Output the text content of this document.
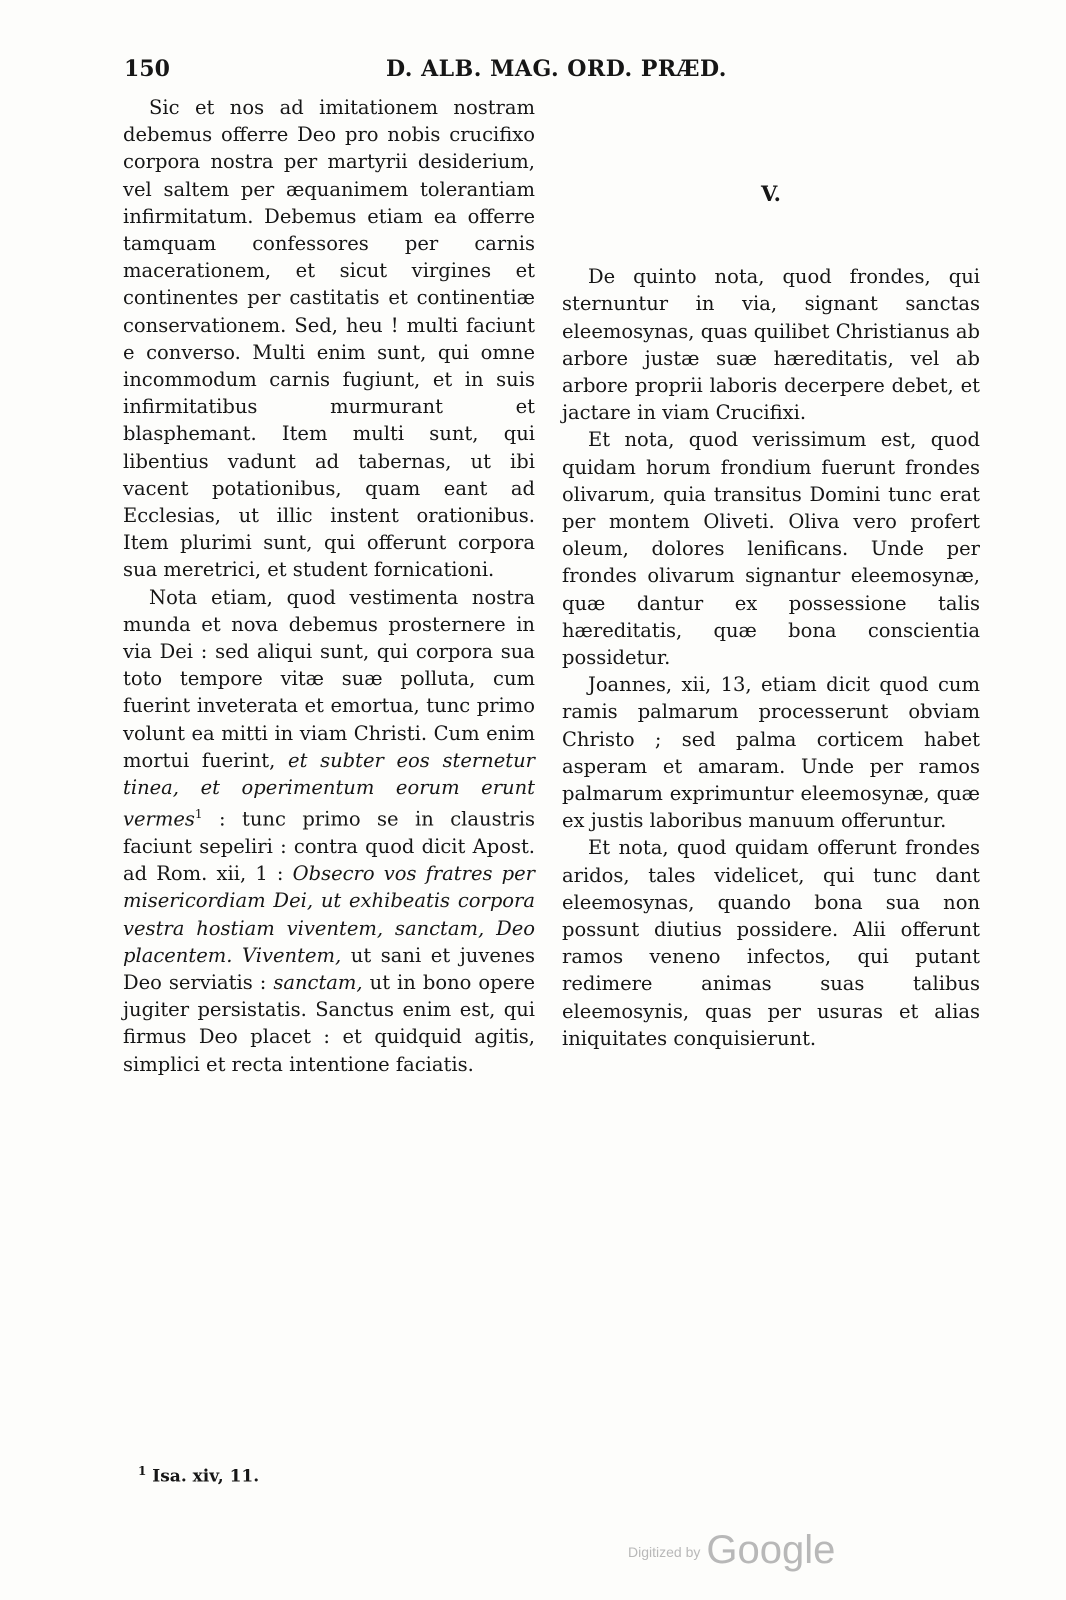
150	D. ALB. MAG. ORD. PRÆD.

Sic et nos ad imitationem nostram debemus offerre Deo pro nobis crucifixo corpora nostra per martyrii desiderium, vel saltem per æquanimem tolerantiam infirmitatum. Debemus etiam ea offerre tamquam confessores per carnis macerationem, et sicut virgines et continentes per castitatis et continentiæ conservationem. Sed, heu ! multi faciunt e converso. Multi enim sunt, qui omne incommodum carnis fugiunt, et in suis infirmitatibus murmurant et blasphemant. Item multi sunt, qui libentius vadunt ad tabernas, ut ibi vacent potationibus, quam eant ad Ecclesias, ut illic instent orationibus. Item plurimi sunt, qui offerunt corpora sua meretrici, et student fornicationi.

Nota etiam, quod vestimenta nostra munda et nova debemus prosternere in via Dei : sed aliqui sunt, qui corpora sua toto tempore vitæ suæ polluta, cum fuerint inveterata et emortua, tunc primo volunt ea mitti in viam Christi. Cum enim mortui fuerint, et subter eos sternetur tinea, et operimentum eorum erunt vermes$^1$ : tunc primo se in claustris faciunt sepeliri : contra quod dicit Apost. ad Rom. xii, 1 : Obsecro vos fratres per misericordiam Dei, ut exhibeatis corpora vestra hostiam viventem, sanctam, Deo placentem. Viventem, ut sani et juvenes Deo serviatis : sanctam, ut in bono opere jugiter persistatis. Sanctus enim est, qui firmus Deo placet : et quidquid agitis, simplici et recta intentione faciatis.

V.

De quinto nota, quod frondes, qui sternuntur in via, signant sanctas eleemosynas, quas quilibet Christianus ab arbore justæ suæ hæreditatis, vel ab arbore proprii laboris decerpere debet, et jactare in viam Crucifixi.

Et nota, quod verissimum est, quod quidam horum frondium fuerunt frondes olivarum, quia transitus Domini tunc erat per montem Oliveti. Oliva vero profert oleum, dolores lenificans. Unde per frondes olivarum signantur eleemosynæ, quæ dantur ex possessione talis hæreditatis, quæ bona conscientia possidetur.

Joannes, xii, 13, etiam dicit quod cum ramis palmarum processerunt obviam Christo ; sed palma corticem habet asperam et amaram. Unde per ramos palmarum exprimuntur eleemosynæ, quæ ex justis laboribus manuum offeruntur.

Et nota, quod quidam offerunt frondes aridos, tales videlicet, qui tunc dant eleemosynas, quando bona sua non possunt diutius possidere. Alii offerunt ramos veneno infectos, qui putant redimere animas suas talibus eleemosynis, quas per usuras et alias iniquitates conquisierunt.

$^1$ Isa. xiv, 11.
Digitized by Google
